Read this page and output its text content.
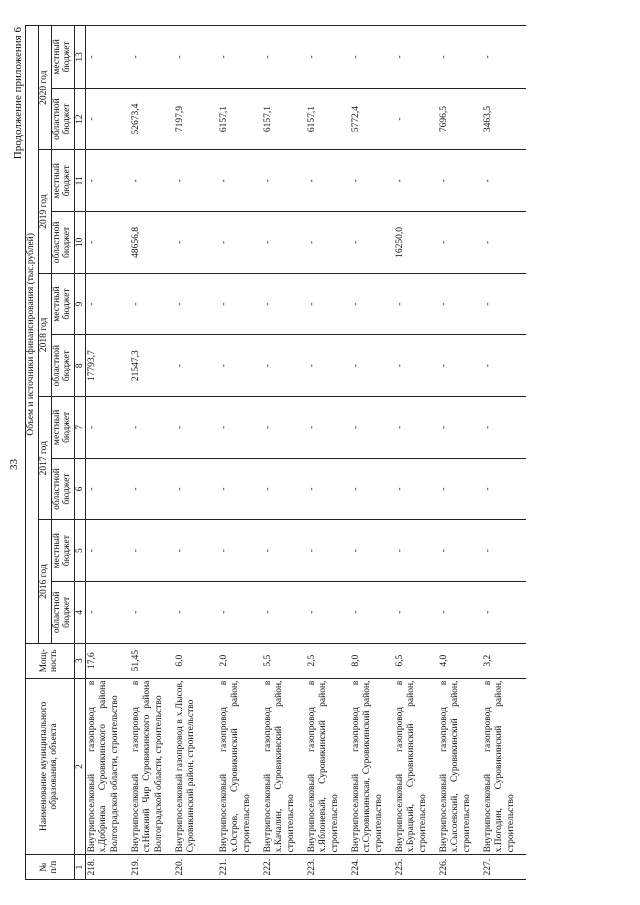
33
Продолжение приложения 6
№
п/п	Наименование муниципального образования, объекта	Мощ-
ность	Объем и источники финансирования (тыс.рублей)									
			2016 год		2017 год		2018 год		2019 год		2020 год	
			областной бюджет	местный бюджет	областной бюджет	местный бюджет	областной бюджет	местный бюджет	областной бюджет	местный бюджет	областной бюджет	местный бюджет
1	2	3	4	5	6	7	8	9	10	11	12	13
218.	Внутрипоселковый газопровод в х.Добринка Суровикинского района Волгоградской области, строительство	17,6	-	-	-	-	17793,7	-	-	-	-	-
219.	Внутрипоселковый газопровод в ст.Нижний Чир Суровикинского района Волгоградской области, строительство	51,45	-	-	-	-	21547,3	-	48656,8	-	52673,4	-
220.	Внутрипоселковый газопровод в х.Лысов, Суровикинский район, строительство	6,0	-	-	-	-	-	-	-	-	7197,9	-
221.	Внутрипоселковый газопровод в х.Остров, Суровикинский район, строительство	2,0	-	-	-	-	-	-	-	-	6157,1	-
222.	Внутрипоселковый газопровод в х.Качалин, Суровикинский район, строительство	5,5	-	-	-	-	-	-	-	-	6157,1	-
223.	Внутрипоселковый газопровод в х.Яблоневый, Суровикинский район, строительство	2,5	-	-	-	-	-	-	-	-	6157,1	-
224.	Внутрипоселковый газопровод в ст.Суровикинская, Суровикинский район, строительство	8,0	-	-	-	-	-	-	-	-	5772,4	-
225.	Внутрипоселковый газопровод в х.Бурацкий, Суровикинский район, строительство	6,5	-	-	-	-	-	-	16250,0	-	-	-
226.	Внутрипоселковый газопровод в х.Сысоевский, Суровикинский район, строительство	4,0	-	-	-	-	-	-	-	-	7696,5	-
227.	Внутрипоселковый газопровод в х.Погодин, Суровикинский район, строительство	3,2	-	-	-	-	-	-	-	-	3463,5	-
